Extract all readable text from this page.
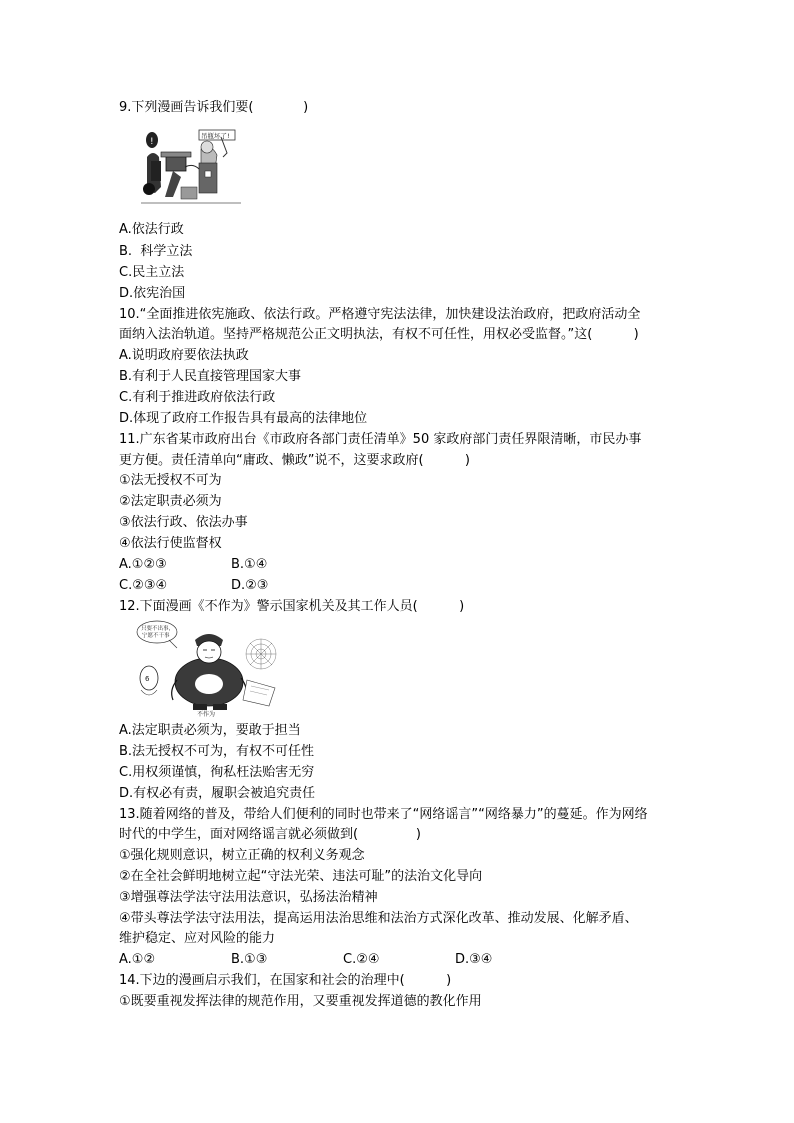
9.下列漫画告诉我们要(            )
吊瓶坏了!
!
A.依法行政
B.  科学立法
C.民主立法
D.依宪治国
10.“全面推进依宪施政、依法行政。严格遵守宪法法律，加快建设法治政府，把政府活动全
面纳入法治轨道。坚持严格规范公正文明执法，有权不可任性，用权必受监督。”这(          )
A.说明政府要依法执政
B.有利于人民直接管理国家大事
C.有利于推进政府依法行政
D.体现了政府工作报告具有最高的法律地位
11.广东省某市政府出台《市政府各部门责任清单》50 家政府部门责任界限清晰，市民办事
更方便。责任清单向“庸政、懒政”说不，这要求政府(          )
①法无授权不可为
②法定职责必须为
③依法行政、依法办事
④依法行使监督权
A.①②③	B.①④
C.②③④	D.②③
12.下面漫画《不作为》警示国家机关及其工作人员(          )
只要不出事，
宁愿不干事
6
不作为
A.法定职责必须为，要敢于担当
B.法无授权不可为，有权不可任性
C.用权须谨慎，徇私枉法贻害无穷
D.有权必有责，履职会被追究责任
13.随着网络的普及，带给人们便利的同时也带来了“网络谣言”“网络暴力”的蔓延。作为网络
时代的中学生，面对网络谣言就必须做到(              )
①强化规则意识，树立正确的权利义务观念
②在全社会鲜明地树立起“守法光荣、违法可耻”的法治文化导向
③增强尊法学法守法用法意识，弘扬法治精神
④带头尊法学法守法用法，提高运用法治思维和法治方式深化改革、推动发展、化解矛盾、
维护稳定、应对风险的能力
A.①②	B.①③	C.②④	D.③④
14.下边的漫画启示我们，在国家和社会的治理中(          )
①既要重视发挥法律的规范作用，又要重视发挥道德的教化作用
